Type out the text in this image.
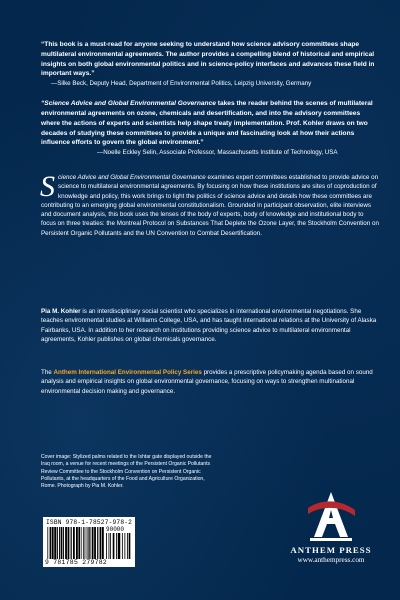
“This book is a must-read for anyone seeking to understand how science advisory committees shape multilateral environmental agreements. The author provides a compelling blend of historical and empirical insights on both global environmental politics and in science-policy interfaces and advances these field in important ways.”

—Silke Beck, Deputy Head, Department of Environmental Politics, Leipzig University, Germany

“Science Advice and Global Environmental Governance takes the reader behind the scenes of multilateral environmental agreements on ozone, chemicals and desertification, and into the advisory committees where the actions of experts and scientists help shape treaty implementation. Prof. Kohler draws on two decades of studying these committees to provide a unique and fascinating look at how their actions influence efforts to govern the global environment.”

—Noelle Eckley Selin, Associate Professor, Massachusetts Institute of Technology, USA

Science Advice and Global Environmental Governance examines expert committees established to provide advice on science to multilateral environmental agreements. By focusing on how these institutions are sites of coproduction of knowledge and policy, this work brings to light the politics of science advice and details how these committees are contributing to an emerging global environmental constitutionalism. Grounded in participant observation, elite interviews and document analysis, this book uses the lenses of the body of experts, body of knowledge and institutional body to focus on three treaties: the Montreal Protocol on Substances That Deplete the Ozone Layer, the Stockholm Convention on Persistent Organic Pollutants and the UN Convention to Combat Desertification.

Pia M. Kohler is an interdisciplinary social scientist who specializes in international environmental negotiations. She teaches environmental studies at Williams College, USA, and has taught international relations at the University of Alaska Fairbanks, USA. In addition to her research on institutions providing science advice to multilateral environmental agreements, Kohler publishes on global chemicals governance.

The Anthem International Environmental Policy Series provides a prescriptive policymaking agenda based on sound analysis and empirical insights on global environmental governance, focusing on ways to strengthen multinational environmental decision making and governance.

Cover image: Stylized palms related to the Ishtar gate displayed outside the Iraq room, a venue for recent meetings of the Persistent Organic Pollutants Review Committee to the Stockholm Convention on Persistent Organic Pollutants, at the headquarters of the Food and Agriculture Organization, Rome. Photograph by Pia M. Kohler.

ISBN 978-1-78527-978-2
90000
9 781785 279782
ANTHEM PRESS
www.anthempress.com
